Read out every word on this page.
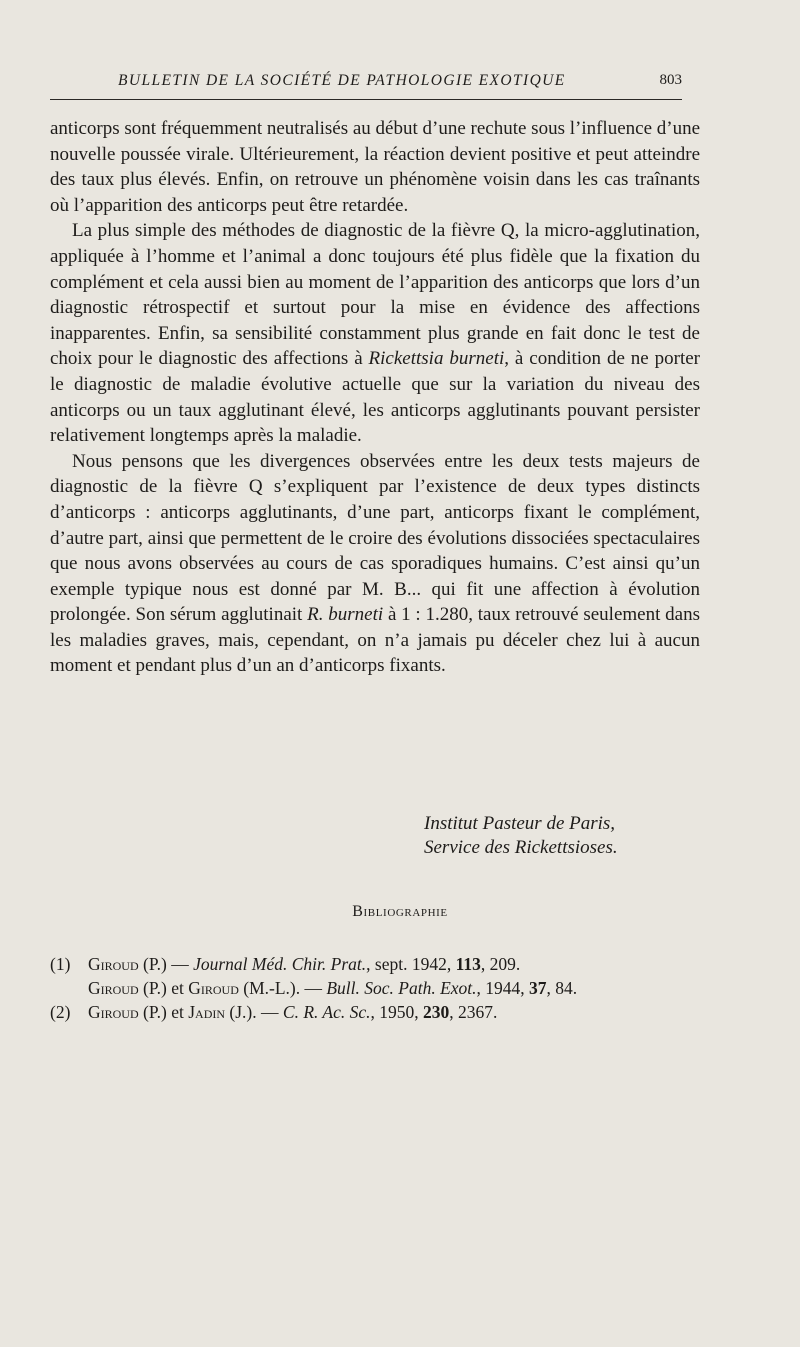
BULLETIN DE LA SOCIÉTÉ DE PATHOLOGIE EXOTIQUE	803

anticorps sont fréquemment neutralisés au début d’une rechute sous l’influence d’une nouvelle poussée virale. Ultérieurement, la réaction devient positive et peut atteindre des taux plus élevés. Enfin, on retrouve un phénomène voisin dans les cas traînants où l’apparition des anticorps peut être retardée.

La plus simple des méthodes de diagnostic de la fièvre Q, la micro-agglutination, appliquée à l’homme et l’animal a donc toujours été plus fidèle que la fixation du complément et cela aussi bien au moment de l’apparition des anticorps que lors d’un diagnostic rétrospectif et surtout pour la mise en évidence des affections inapparentes. Enfin, sa sensibilité constamment plus grande en fait donc le test de choix pour le diagnostic des affections à Rickettsia burneti, à condition de ne porter le diagnostic de maladie évolutive actuelle que sur la variation du niveau des anticorps ou un taux agglutinant élevé, les anticorps agglutinants pouvant persister relativement longtemps après la maladie.

Nous pensons que les divergences observées entre les deux tests majeurs de diagnostic de la fièvre Q s’expliquent par l’existence de deux types distincts d’anticorps : anticorps agglutinants, d’une part, anticorps fixant le complément, d’autre part, ainsi que permettent de le croire des évolutions dissociées spectaculaires que nous avons observées au cours de cas sporadiques humains. C’est ainsi qu’un exemple typique nous est donné par M. B... qui fit une affection à évolution prolongée. Son sérum agglutinait R. burneti à 1 : 1.280, taux retrouvé seulement dans les maladies graves, mais, cependant, on n’a jamais pu déceler chez lui à aucun moment et pendant plus d’un an d’anticorps fixants.

Institut Pasteur de Paris,
Service des Rickettsioses.
Bibliographie
(1) Giroud (P.) — Journal Méd. Chir. Prat., sept. 1942, 113, 209.
Giroud (P.) et Giroud (M.-L.). — Bull. Soc. Path. Exot., 1944, 37, 84.
(2) Giroud (P.) et Jadin (J.). — C. R. Ac. Sc., 1950, 230, 2367.
